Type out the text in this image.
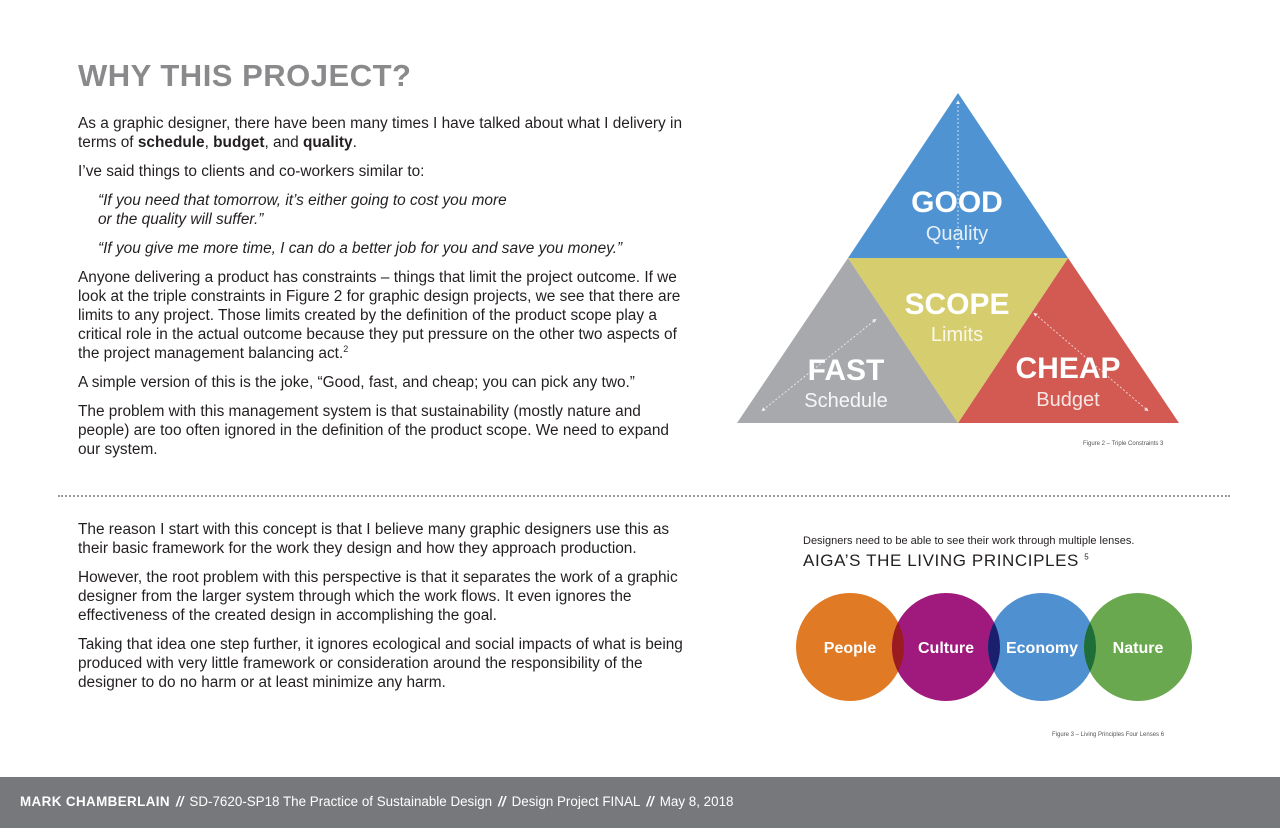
WHY THIS PROJECT?

As a graphic designer, there have been many times I have talked about what I delivery in terms of schedule, budget, and quality.

I’ve said things to clients and co-workers similar to:

“If you need that tomorrow, it’s either going to cost you more
or the quality will suffer.”

“If you give me more time, I can do a better job for you and save you money.”

Anyone delivering a product has constraints – things that limit the project outcome. If we look at the triple constraints in Figure 2 for graphic design projects, we see that there are limits to any project. Those limits created by the definition of the product scope play a critical role in the actual outcome because they put pressure on the other two aspects of the project management balancing act.$^2$

A simple version of this is the joke, “Good, fast, and cheap; you can pick any two.”

The problem with this management system is that sustainability (mostly nature and people) are too often ignored in the definition of the product scope. We need to expand our system.

GOOD
Quality
SCOPE
Limits
FAST
Schedule
CHEAP
Budget
Figure 2 – Triple Constraints 3

The reason I start with this concept is that I believe many graphic designers use this as their basic framework for the work they design and how they approach production.

However, the root problem with this perspective is that it separates the work of a graphic designer from the larger system through which the work flows. It even ignores the effectiveness of the created design in accomplishing the goal.

Taking that idea one step further, it ignores ecological and social impacts of what is being produced with very little framework or consideration around the responsibility of the designer to do no harm or at least minimize any harm.

Designers need to be able to see their work through multiple lenses.

AIGA’S THE LIVING PRINCIPLES $^5$
People	Culture Economy Nature
Figure 3 – Living Principles Four Lenses 6
MARK CHAMBERLAIN // SD-7620-SP18 The Practice of Sustainable Design // Design Project FINAL // May 8, 2018
